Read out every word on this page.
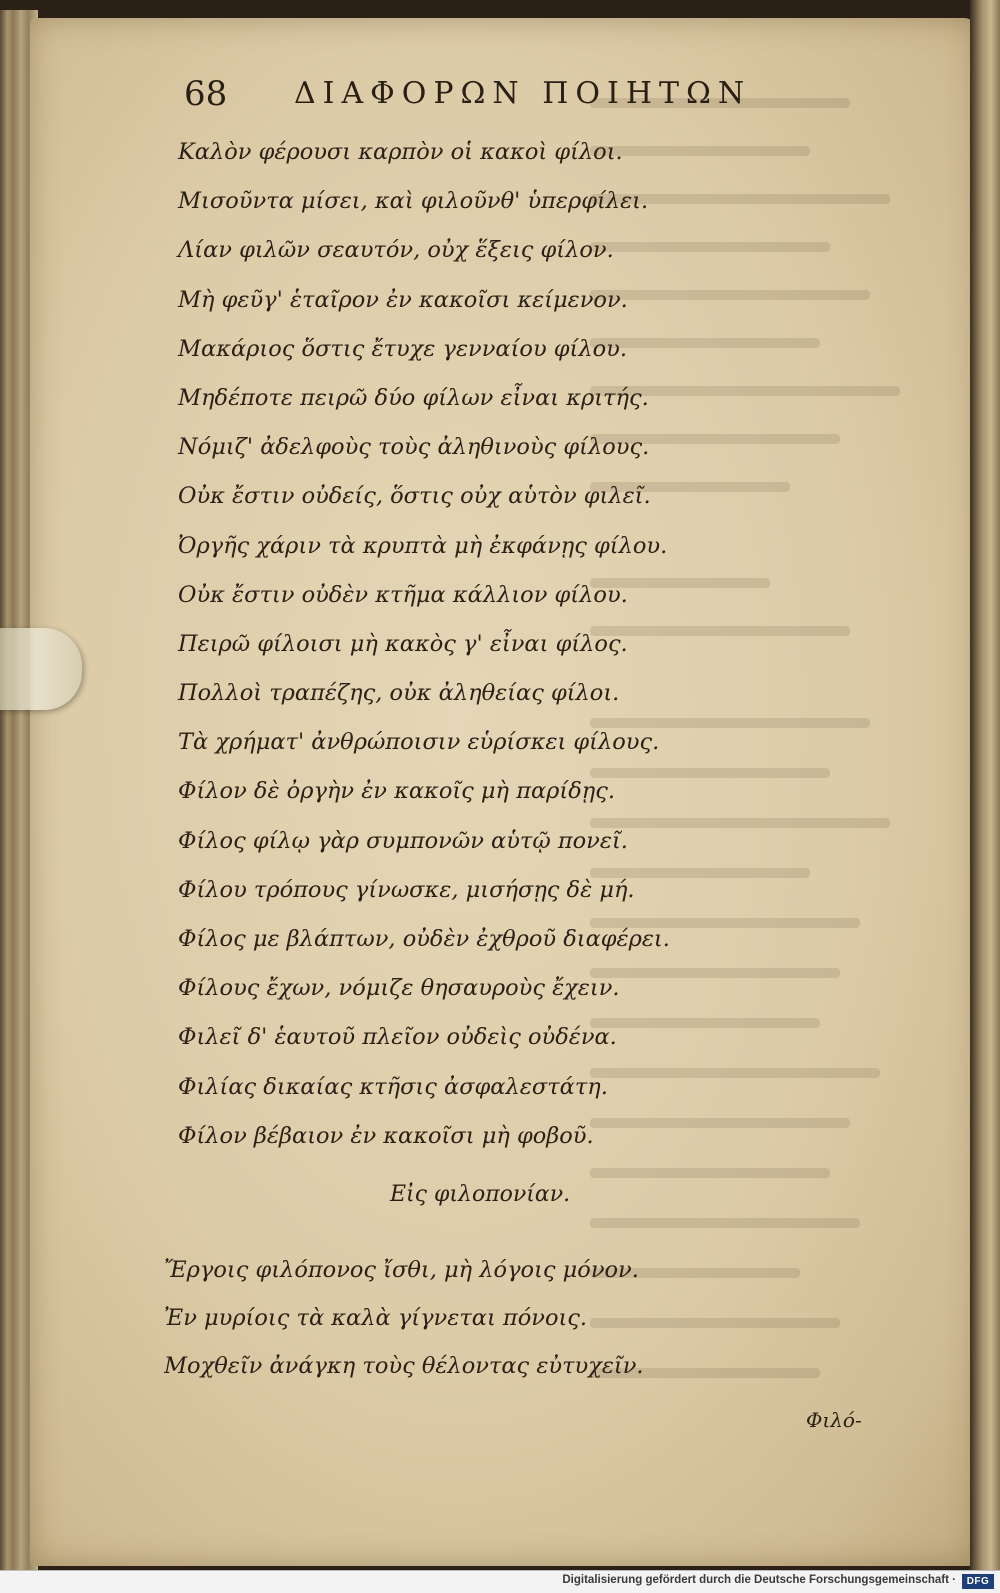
68 ΔΙΑΦΟΡΩΝ ΠΟΙΗΤΩΝ
Καλὸν φέρουσι καρπὸν οἱ κακοὶ φίλοι.
Μισοῦντα μίσει, καὶ φιλοῦνθ' ὑπερφίλει.
Λίαν φιλῶν σεαυτόν, οὐχ ἕξεις φίλον.
Μὴ φεῦγ' ἑταῖρον ἐν κακοῖσι κείμενον.
Μακάριος ὅστις ἔτυχε γενναίου φίλου.
Μηδέποτε πειρῶ δύο φίλων εἶναι κριτής.
Νόμιζ' ἀδελφοὺς τοὺς ἀληθινοὺς φίλους.
Οὐκ ἔστιν οὐδείς, ὅστις οὐχ αὑτὸν φιλεῖ.
Ὀργῆς χάριν τὰ κρυπτὰ μὴ ἐκφάνῃς φίλου.
Οὐκ ἔστιν οὐδὲν κτῆμα κάλλιον φίλου.
Πειρῶ φίλοισι μὴ κακὸς γ' εἶναι φίλος.
Πολλοὶ τραπέζης, οὐκ ἀληθείας φίλοι.
Τὰ χρήματ' ἀνθρώποισιν εὑρίσκει φίλους.
Φίλον δὲ ὀργὴν ἐν κακοῖς μὴ παρίδῃς.
Φίλος φίλῳ γὰρ συμπονῶν αὑτῷ πονεῖ.
Φίλου τρόπους γίνωσκε, μισήσῃς δὲ μή.
Φίλος με βλάπτων, οὐδὲν ἐχθροῦ διαφέρει.
Φίλους ἔχων, νόμιζε θησαυροὺς ἔχειν.
Φιλεῖ δ' ἑαυτοῦ πλεῖον οὐδεὶς οὐδένα.
Φιλίας δικαίας κτῆσις ἀσφαλεστάτη.
Φίλον βέβαιον ἐν κακοῖσι μὴ φοβοῦ.
Εἰς φιλοπονίαν.
Ἔργοις φιλόπονος ἴσθι, μὴ λόγοις μόνον.
Ἐν μυρίοις τὰ καλὰ γίγνεται πόνοις.
Μοχθεῖν ἀνάγκη τοὺς θέλοντας εὐτυχεῖν.
Φιλό-
Digitalisierung gefördert durch die Deutsche Forschungsgemeinschaft ·	DFG
